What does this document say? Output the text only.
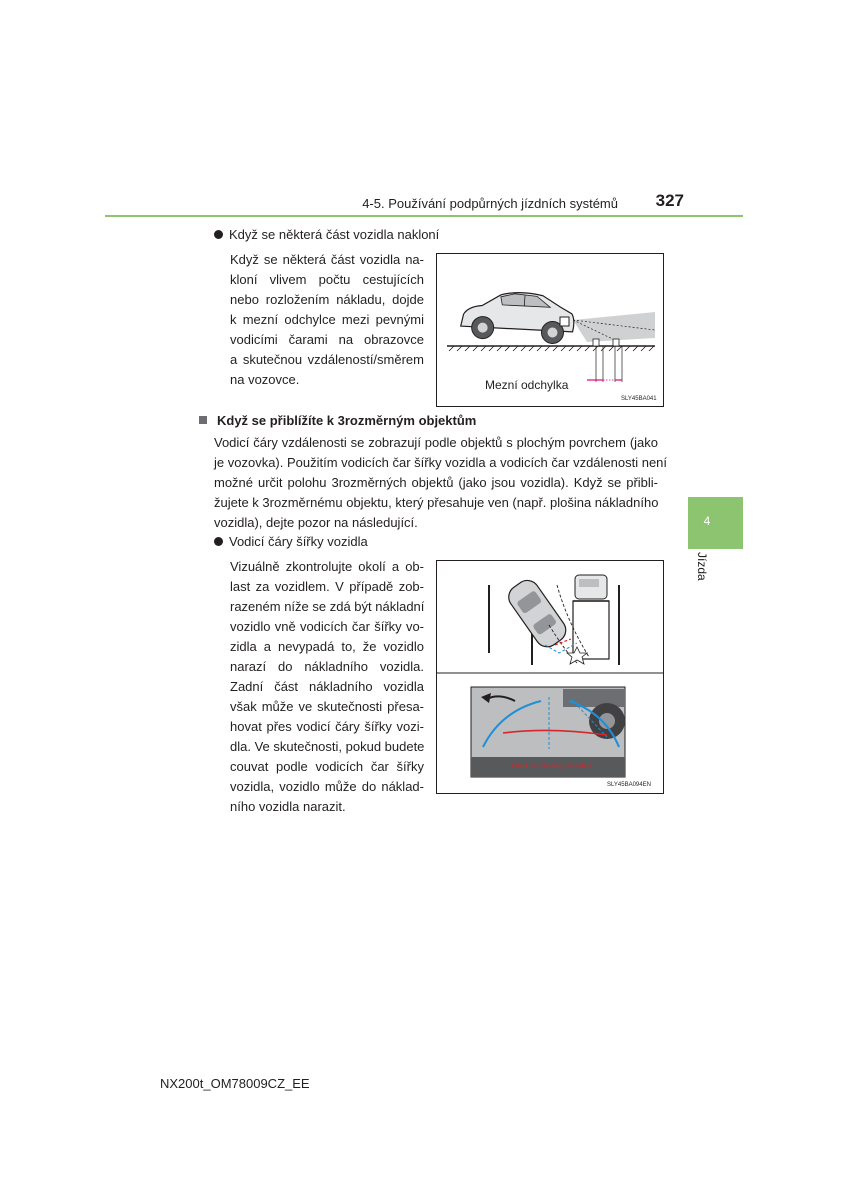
4-5. Používání podpůrných jízdních systémů	327
4
Jízda
Když se některá část vozidla nakloní
Když se některá část vozidla na-
kloní vlivem počtu cestujících
nebo rozložením nákladu, dojde
k mezní odchylce mezi pevnými
vodicími čarami na obrazovce
a skutečnou vzdáleností/směrem
na vozovce.	Mezní odchylka
SLY45BA041
Když se přiblížíte k 3rozměrným objektům
Vodicí čáry vzdálenosti se zobrazují podle objektů s plochým povrchem (jako
je vozovka). Použitím vodicích čar šířky vozidla a vodicích čar vzdálenosti není
možné určit polohu 3rozměrných objektů (jako jsou vozidla). Když se přibli-
žujete k 3rozměrnému objektu, který přesahuje ven (např. plošina nákladního
vozidla), dejte pozor na následující.
Vodicí čáry šířky vozidla
Vizuálně zkontrolujte okolí a ob-
last za vozidlem. V případě zob-
razeném níže se zdá být nákladní
vozidlo vně vodicích čar šířky vo-
zidla a nevypadá to, že vozidlo
narazí do nákladního vozidla.
Zadní část nákladního vozidla
však může ve skutečnosti přesa-
hovat přes vodicí čáry šířky vozi-
dla. Ve skutečnosti, pokud budete
couvat podle vodicích čar šířky
vozidla, vozidlo může do náklad-
ního vozidla narazit.
Check surroundings for safety.
SLY45BA094EN
NX200t_OM78009CZ_EE
